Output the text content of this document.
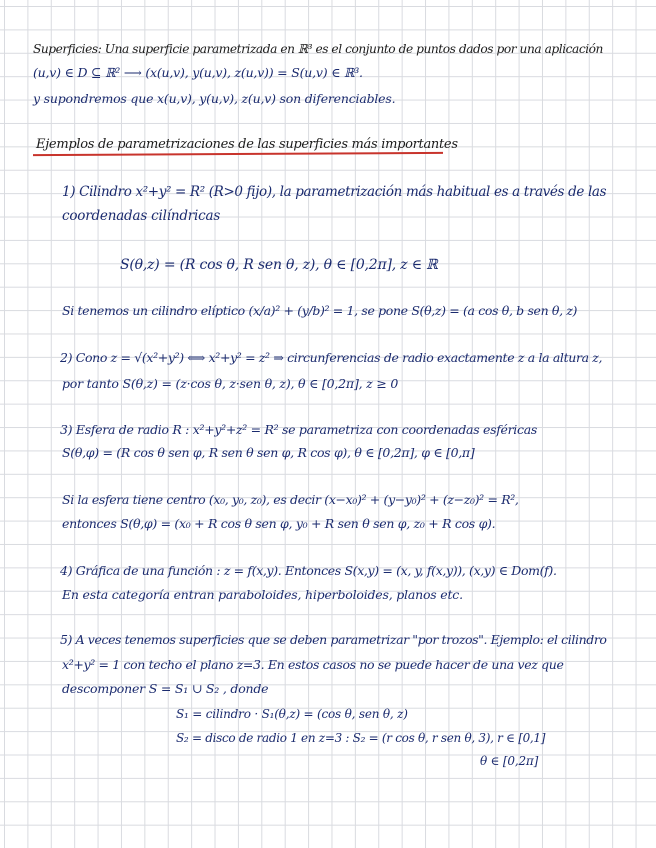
Superficies: Una superficie parametrizada en ℝ³ es el conjunto de puntos dados por una aplicación
(u,v) ∈ D ⊆ ℝ² ⟶ (x(u,v), y(u,v), z(u,v)) = S(u,v) ∈ ℝ³.
y supondremos que x(u,v), y(u,v), z(u,v) son diferenciables.
Ejemplos de parametrizaciones de las superficies más importantes
1) Cilindro x²+y² = R² (R>0 fijo), la parametrización más habitual es a través de las
coordenadas cilíndricas
S(θ,z) = (R cos θ, R sen θ, z), θ ∈ [0,2π], z ∈ ℝ
Si tenemos un cilindro elíptico (x/a)² + (y/b)² = 1, se pone S(θ,z) = (a cos θ, b sen θ, z)
2) Cono z = √(x²+y²) ⟺ x²+y² = z² ⇒ circunferencias de radio exactamente z a la altura z,
por tanto S(θ,z) = (z·cos θ, z·sen θ, z), θ ∈ [0,2π], z ≥ 0
3) Esfera de radio R : x²+y²+z² = R² se parametriza con coordenadas esféricas
S(θ,φ) = (R cos θ sen φ, R sen θ sen φ, R cos φ), θ ∈ [0,2π], φ ∈ [0,π]
Si la esfera tiene centro (x₀, y₀, z₀), es decir (x−x₀)² + (y−y₀)² + (z−z₀)² = R²,
entonces S(θ,φ) = (x₀ + R cos θ sen φ, y₀ + R sen θ sen φ, z₀ + R cos φ).
4) Gráfica de una función : z = f(x,y). Entonces S(x,y) = (x, y, f(x,y)), (x,y) ∈ Dom(f).
En esta categoría entran paraboloides, hiperboloides, planos etc.
5) A veces tenemos superficies que se deben parametrizar "por trozos". Ejemplo: el cilindro
x²+y² = 1 con techo el plano z=3. En estos casos no se puede hacer de una vez que
descomponer S = S₁ ∪ S₂ , donde
S₁ = cilindro · S₁(θ,z) = (cos θ, sen θ, z)
S₂ = disco de radio 1 en z=3 : S₂ = (r cos θ, r sen θ, 3), r ∈ [0,1]
θ ∈ [0,2π]
